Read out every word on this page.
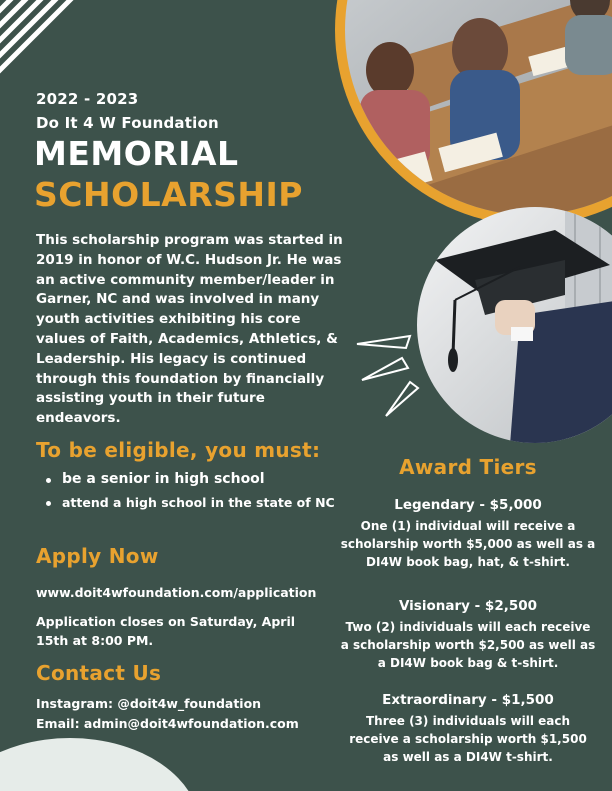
2022 - 2023
Do It 4 W Foundation
MEMORIAL
SCHOLARSHIP
This scholarship program was started in 2019 in honor of W.C. Hudson Jr. He was an active community member/leader in Garner, NC and was involved in many youth activities exhibiting his core values of Faith, Academics, Athletics, & Leadership. His legacy is continued through this foundation by financially assisting youth in their future endeavors.
To be eligible, you must:
be a senior in high school
attend a high school in the state of NC
Apply Now
www.doit4wfoundation.com/application
Application closes on Saturday, April 15th at 8:00 PM.
Contact Us
Instagram: @doit4w_foundation
Email: admin@doit4wfoundation.com
Award Tiers
Legendary - $5,000
One (1) individual will receive a scholarship worth $5,000 as well as a DI4W book bag, hat, & t-shirt.
Visionary - $2,500
Two (2) individuals will each receive a scholarship worth $2,500 as well as a DI4W book bag & t-shirt.
Extraordinary - $1,500
Three (3) individuals will each receive a scholarship worth $1,500 as well as a DI4W t-shirt.
